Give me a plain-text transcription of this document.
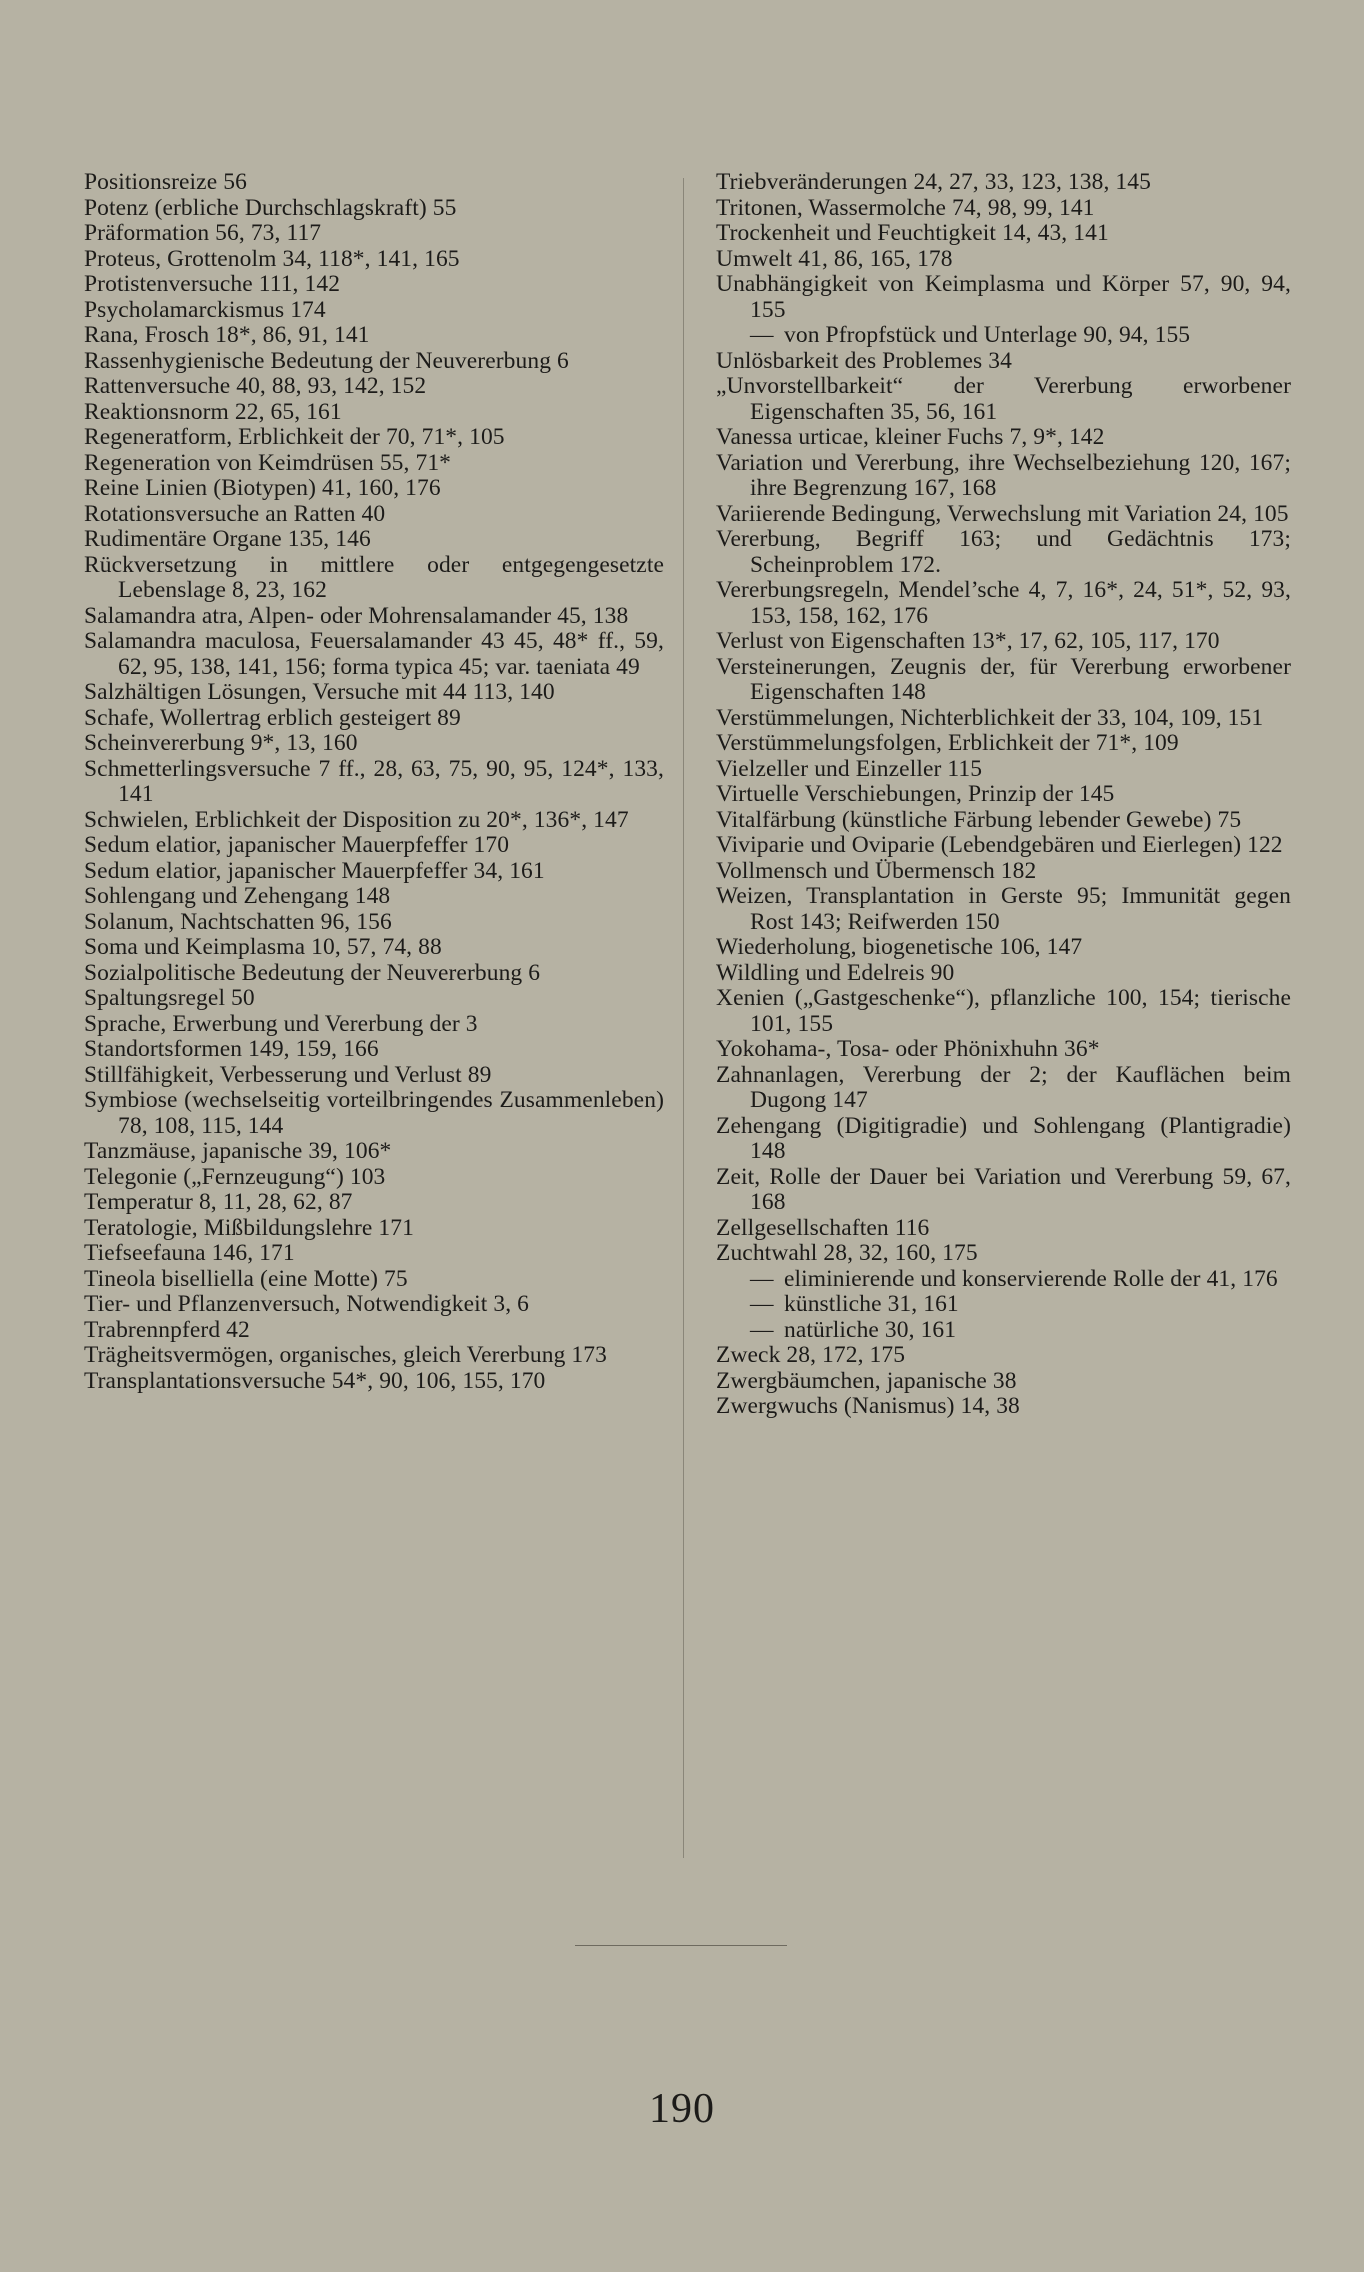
Positionsreize 56
Potenz (erbliche Durchschlagskraft) 55
Präformation 56, 73, 117
Proteus, Grottenolm 34, 118*, 141, 165
Protistenversuche 111, 142
Psycholamarckismus 174
Rana, Frosch 18*, 86, 91, 141
Rassenhygienische Bedeutung der Neuvererbung 6
Rattenversuche 40, 88, 93, 142, 152
Reaktionsnorm 22, 65, 161
Regeneratform, Erblichkeit der 70, 71*, 105
Regeneration von Keimdrüsen 55, 71*
Reine Linien (Biotypen) 41, 160, 176
Rotationsversuche an Ratten 40
Rudimentäre Organe 135, 146
Rückversetzung in mittlere oder entgegengesetzte Lebenslage 8, 23, 162
Salamandra atra, Alpen- oder Mohrensalamander 45, 138
Salamandra maculosa, Feuersalamander 43 45, 48* ff., 59, 62, 95, 138, 141, 156; forma typica 45; var. taeniata 49
Salzhältigen Lösungen, Versuche mit 44 113, 140
Schafe, Wollertrag erblich gesteigert 89
Scheinvererbung 9*, 13, 160
Schmetterlingsversuche 7 ff., 28, 63, 75, 90, 95, 124*, 133, 141
Schwielen, Erblichkeit der Disposition zu 20*, 136*, 147
Sedum elatior, japanischer Mauerpfeffer 170
Sedum elatior, japanischer Mauerpfeffer 34, 161
Sohlengang und Zehengang 148
Solanum, Nachtschatten 96, 156
Soma und Keimplasma 10, 57, 74, 88
Sozialpolitische Bedeutung der Neuvererbung 6
Spaltungsregel 50
Sprache, Erwerbung und Vererbung der 3
Standortsformen 149, 159, 166
Stillfähigkeit, Verbesserung und Verlust 89
Symbiose (wechselseitig vorteilbringendes Zusammenleben) 78, 108, 115, 144
Tanzmäuse, japanische 39, 106*
Telegonie („Fernzeugung“) 103
Temperatur 8, 11, 28, 62, 87
Teratologie, Mißbildungslehre 171
Tiefseefauna 146, 171
Tineola biselliella (eine Motte) 75
Tier- und Pflanzenversuch, Notwendigkeit 3, 6
Trabrennpferd 42
Trägheitsvermögen, organisches, gleich Vererbung 173
Transplantationsversuche 54*, 90, 106, 155, 170
Triebveränderungen 24, 27, 33, 123, 138, 145
Tritonen, Wassermolche 74, 98, 99, 141
Trockenheit und Feuchtigkeit 14, 43, 141
Umwelt 41, 86, 165, 178
Unabhängigkeit von Keimplasma und Körper 57, 90, 94, 155
— von Pfropfstück und Unterlage 90, 94, 155
Unlösbarkeit des Problemes 34
„Unvorstellbarkeit“ der Vererbung erworbener Eigenschaften 35, 56, 161
Vanessa urticae, kleiner Fuchs 7, 9*, 142
Variation und Vererbung, ihre Wechselbeziehung 120, 167; ihre Begrenzung 167, 168
Variierende Bedingung, Verwechslung mit Variation 24, 105
Vererbung, Begriff 163; und Gedächtnis 173; Scheinproblem 172.
Vererbungsregeln, Mendel’sche 4, 7, 16*, 24, 51*, 52, 93, 153, 158, 162, 176
Verlust von Eigenschaften 13*, 17, 62, 105, 117, 170
Versteinerungen, Zeugnis der, für Vererbung erworbener Eigenschaften 148
Verstümmelungen, Nichterblichkeit der 33, 104, 109, 151
Verstümmelungsfolgen, Erblichkeit der 71*, 109
Vielzeller und Einzeller 115
Virtuelle Verschiebungen, Prinzip der 145
Vitalfärbung (künstliche Färbung lebender Gewebe) 75
Viviparie und Oviparie (Lebendgebären und Eierlegen) 122
Vollmensch und Übermensch 182
Weizen, Transplantation in Gerste 95; Immunität gegen Rost 143; Reifwerden 150
Wiederholung, biogenetische 106, 147
Wildling und Edelreis 90
Xenien („Gastgeschenke“), pflanzliche 100, 154; tierische 101, 155
Yokohama-, Tosa- oder Phönixhuhn 36*
Zahnanlagen, Vererbung der 2; der Kauflächen beim Dugong 147
Zehengang (Digitigradie) und Sohlengang (Plantigradie) 148
Zeit, Rolle der Dauer bei Variation und Vererbung 59, 67, 168
Zellgesellschaften 116
Zuchtwahl 28, 32, 160, 175
— eliminierende und konservierende Rolle der 41, 176
— künstliche 31, 161
— natürliche 30, 161
Zweck 28, 172, 175
Zwergbäumchen, japanische 38
Zwergwuchs (Nanismus) 14, 38
190
